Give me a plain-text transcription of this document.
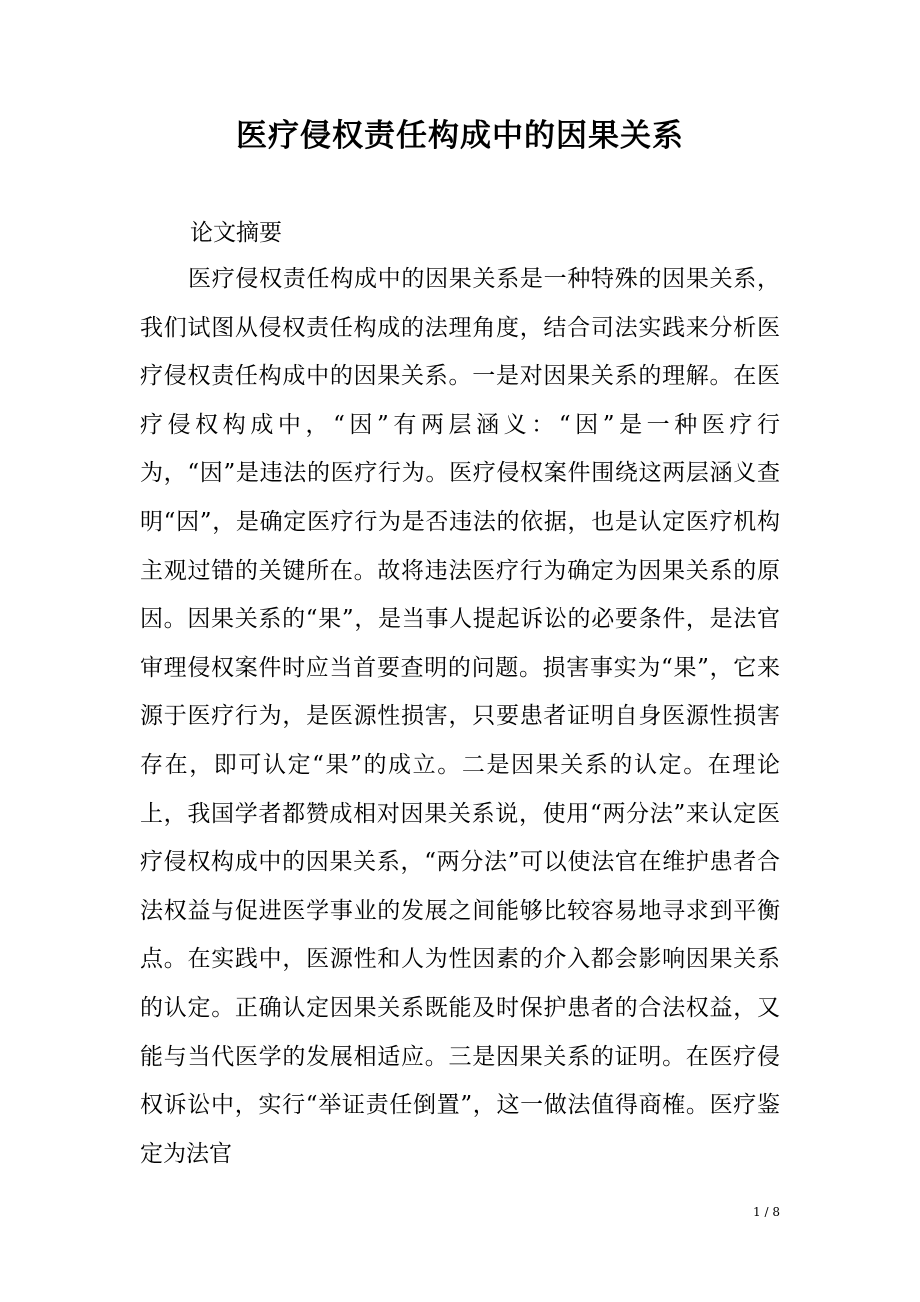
医疗侵权责任构成中的因果关系
论文摘要

医疗侵权责任构成中的因果关系是一种特殊的因果关系，我们试图从侵权责任构成的法理角度，结合司法实践来分析医疗侵权责任构成中的因果关系。一是对因果关系的理解。在医疗侵权构成中，“因”有两层涵义：“因”是一种医疗行为，“因”是违法的医疗行为。医疗侵权案件围绕这两层涵义查明“因”，是确定医疗行为是否违法的依据，也是认定医疗机构主观过错的关键所在。故将违法医疗行为确定为因果关系的原因。因果关系的“果”，是当事人提起诉讼的必要条件，是法官审理侵权案件时应当首要查明的问题。损害事实为“果”，它来源于医疗行为，是医源性损害，只要患者证明自身医源性损害存在，即可认定“果”的成立。二是因果关系的认定。在理论上，我国学者都赞成相对因果关系说，使用“两分法”来认定医疗侵权构成中的因果关系，“两分法”可以使法官在维护患者合法权益与促进医学事业的发展之间能够比较容易地寻求到平衡点。在实践中，医源性和人为性因素的介入都会影响因果关系的认定。正确认定因果关系既能及时保护患者的合法权益，又能与当代医学的发展相适应。三是因果关系的证明。在医疗侵权诉讼中，实行“举证责任倒置”，这一做法值得商榷。医疗鉴定为法官

1 / 8
